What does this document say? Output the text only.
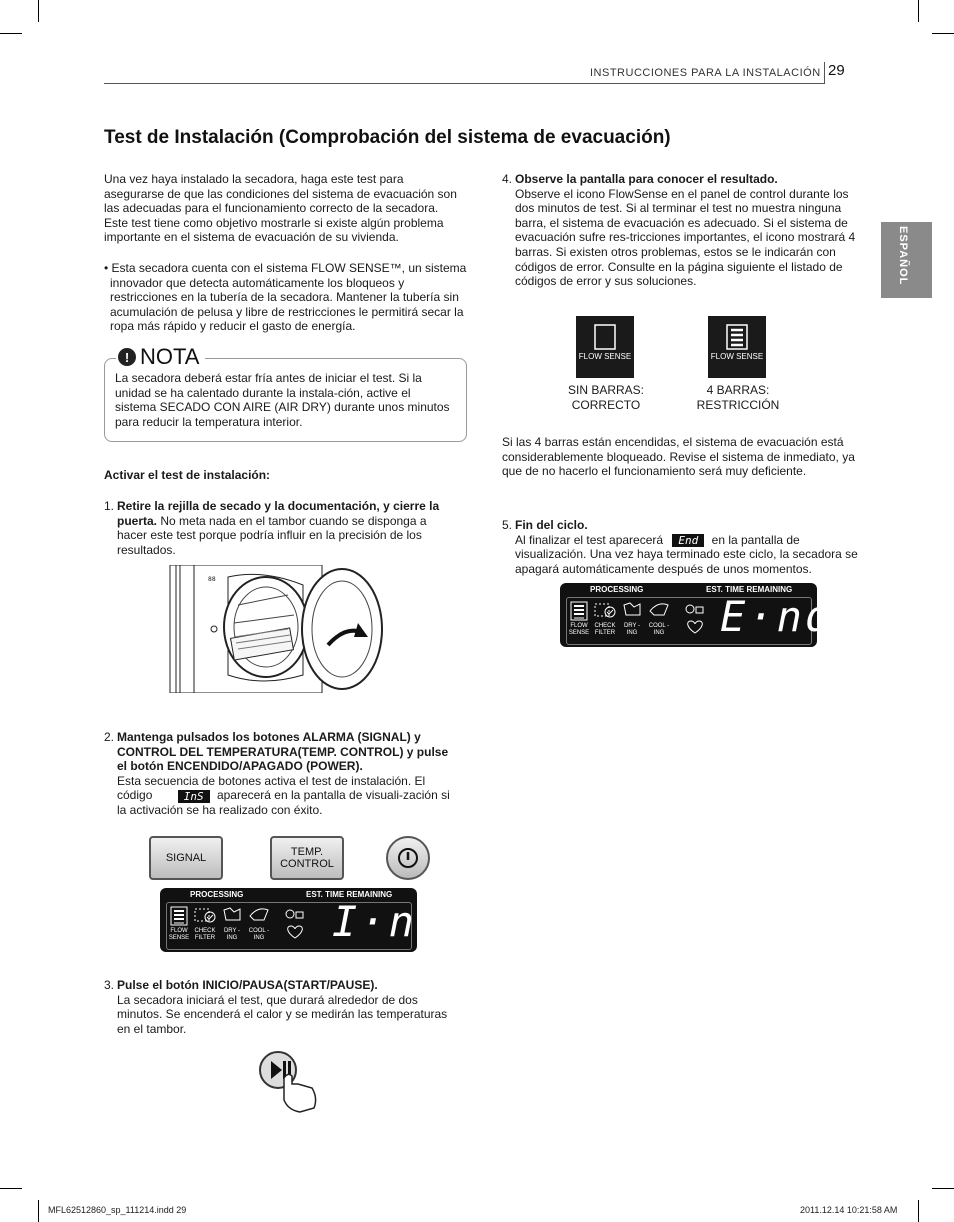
INSTRUCCIONES PARA LA INSTALACIÓN 29
ESPAÑOL
Test de Instalación (Comprobación del sistema de evacuación)

Una vez haya instalado la secadora, haga este test para asegurarse de que las condiciones del sistema de evacuación son las adecuadas para el funcionamiento correcto de la secadora. Este test tiene como objetivo mostrarle si existe algún problema importante en el sistema de evacuación de su vivienda.

• Esta secadora cuenta con el sistema FLOW SENSE™, un sistema innovador que detecta automáticamente los bloqueos y restricciones en la tubería de la secadora. Mantener la tubería sin acumulación de pelusa y libre de restricciones le permitirá secar la ropa más rápido y reducir el gasto de energía.

! NOTA

La secadora deberá estar fría antes de iniciar el test. Si la unidad se ha calentado durante la instala-ción, active el sistema SECADO CON AIRE (AIR DRY) durante unos minutos para reducir la temperatura interior.

Activar el test de instalación:

1. Retire la rejilla de secado y la documentación, y cierre la puerta. No meta nada en el tambor cuando se disponga a hacer este test porque podría influir en la precisión de los resultados.
88
2. Mantenga pulsados los botones ALARMA (SIGNAL) y CONTROL DEL TEMPERATURA(TEMP. CONTROL) y pulse el botón ENCENDIDO/APAGADO (POWER).
Esta secuencia de botones activa el test de instalación. El código	InS aparecerá en la pantalla de visuali-zación si la activación se ha realizado con éxito.
SIGNAL	TEMP. CONTROL
PROCESSING	EST. TIME REMAINING
FLOW SENSE
CHECK FILTER
DRY -ING
COOL -ING I·nS
3. Pulse el botón INICIO/PAUSA(START/PAUSE).
La secadora iniciará el test, que durará alrededor de dos minutos. Se encenderá el calor y se medirán las temperaturas en el tambor.
4. Observe la pantalla para conocer el resultado.
Observe el icono FlowSense en el panel de control durante los dos minutos de test. Si al terminar el test no muestra ninguna barra, el sistema de evacuación es adecuado. Si el sistema de evacuación sufre res-tricciones importantes, el icono mostrará 4 barras. Si existen otros problemas, estos se le indicarán con códigos de error. Consulte en la página siguiente el listado de códigos de error y sus soluciones.
FLOW SENSE	FLOW SENSE
SIN BARRAS: CORRECTO
4 BARRAS: RESTRICCIÓN

Si las 4 barras están encendidas, el sistema de evacuación está considerablemente bloqueado. Revise el sistema de inmediato, ya que de no hacerlo el funcionamiento será muy deficiente.

5. Fin del ciclo.
Al finalizar el test aparecerá End en la pantalla de visualización. Una vez haya terminado este ciclo, la secadora se apagará automáticamente después de unos momentos.
PROCESSING	EST. TIME REMAINING
FLOW SENSE
CHECK FILTER
DRY -ING
COOL -ING E·nd
MFL62512860_sp_111214.indd 29	2011.12.14 10:21:58 AM
